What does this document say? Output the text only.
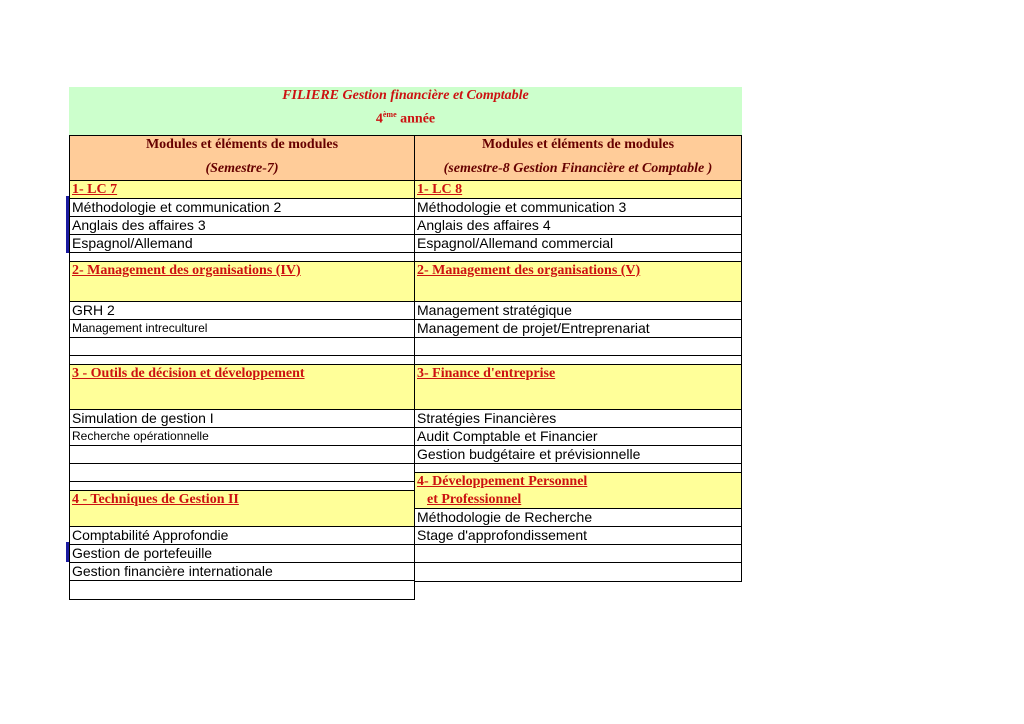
FILIERE Gestion financière et Comptable
4ème année
Modules et éléments de modules
(Semestre-7)
1- LC 7
Méthodologie et communication 2
Anglais des affaires 3
Espagnol/Allemand
2- Management des organisations (IV)
GRH 2
Management intreculturel
3 - Outils de décision et développement
Simulation de gestion I
Recherche opérationnelle
4 - Techniques de Gestion II
Comptabilité Approfondie
Gestion de portefeuille
Gestion financière internationale
Modules et éléments de modules
(semestre-8 Gestion Financière et Comptable )
1- LC 8
Méthodologie et communication 3
Anglais des affaires 4
Espagnol/Allemand commercial
2- Management des organisations (V)
Management stratégique
Management de projet/Entreprenariat
3- Finance d'entreprise
Stratégies Financières
Audit Comptable et Financier
Gestion budgétaire et prévisionnelle
4- Développement Personnel
et Professionnel
Méthodologie de Recherche
Stage d'approfondissement
